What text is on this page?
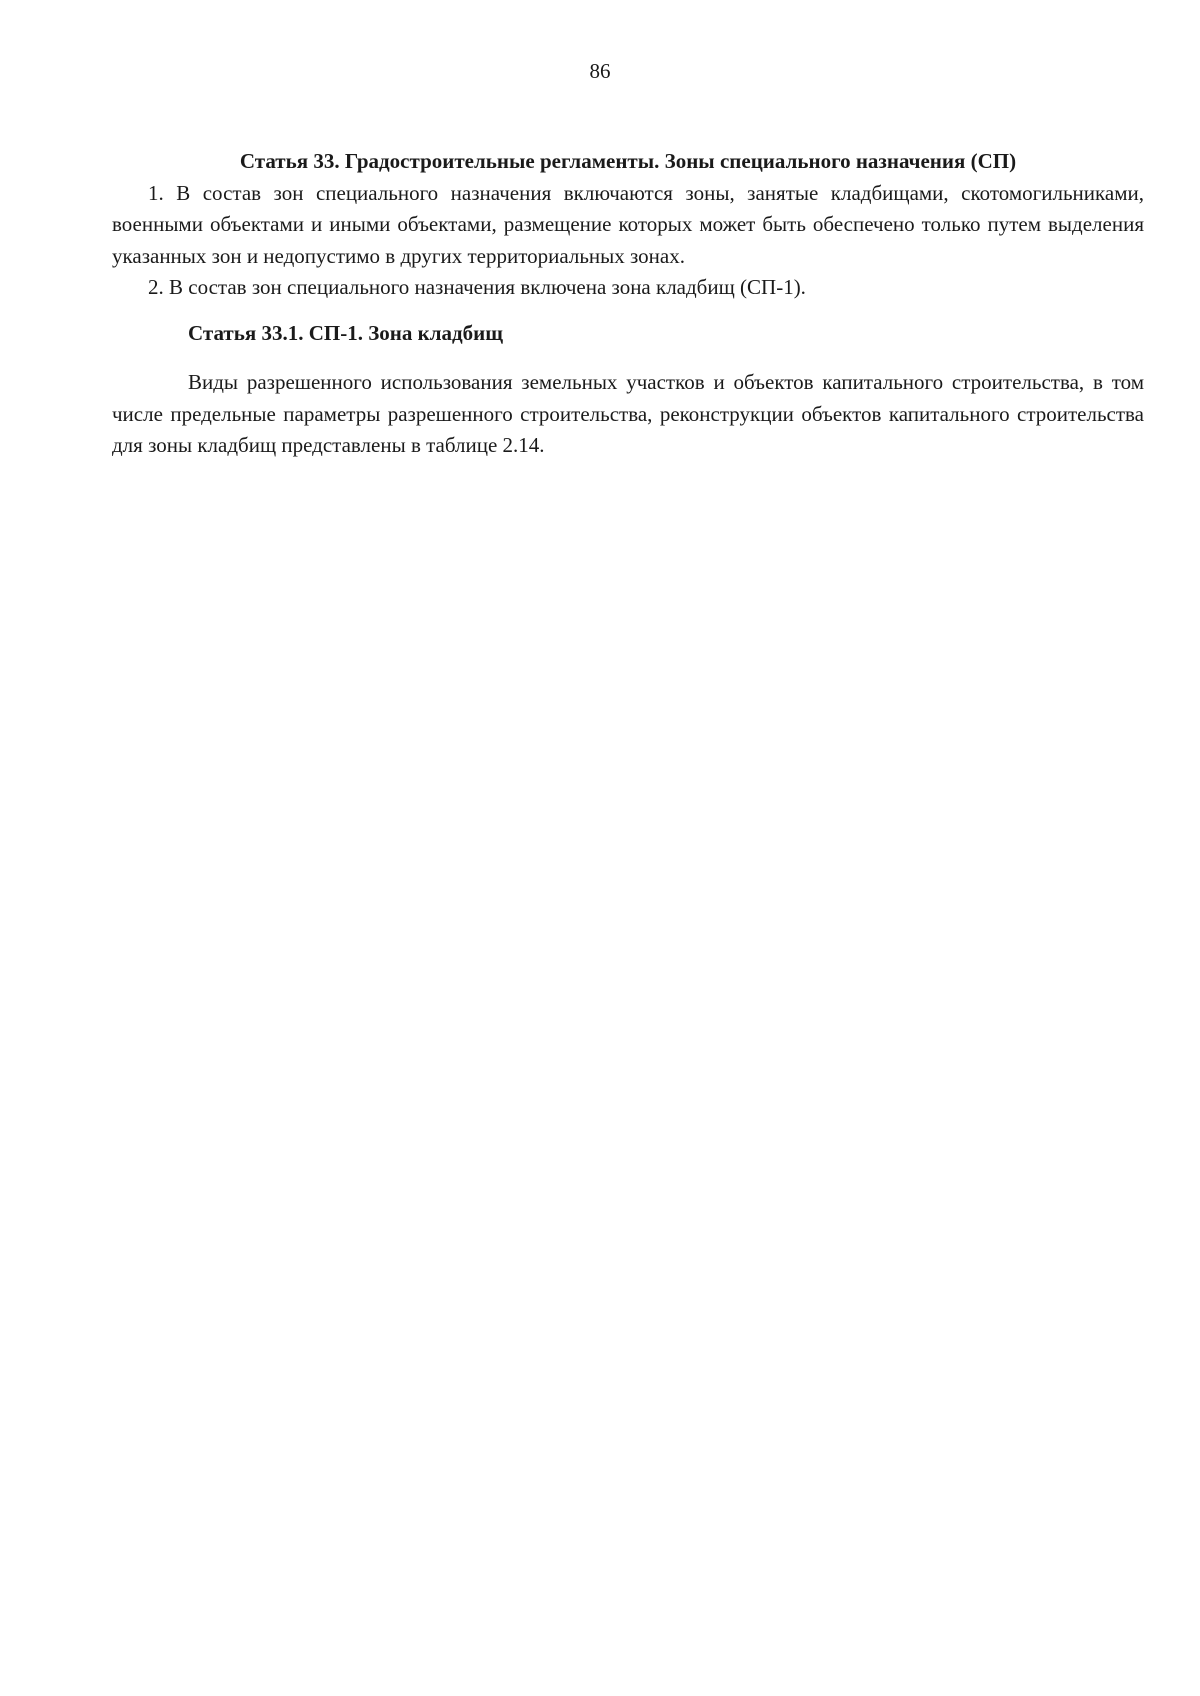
86
Статья 33. Градостроительные регламенты. Зоны специального назначения (СП)

1. В состав зон специального назначения включаются зоны, занятые кладбищами, скотомогильниками, военными объектами и иными объектами, размещение которых может быть обеспечено только путем выделения указанных зон и недопустимо в других территориальных зонах.

2. В состав зон специального назначения включена зона кладбищ (СП-1).

Статья 33.1. СП-1. Зона кладбищ

Виды разрешенного использования земельных участков и объектов капитального строительства, в том числе предельные параметры разрешенного строительства, реконструкции объектов капитального строительства для зоны кладбищ представлены в таблице 2.14.
